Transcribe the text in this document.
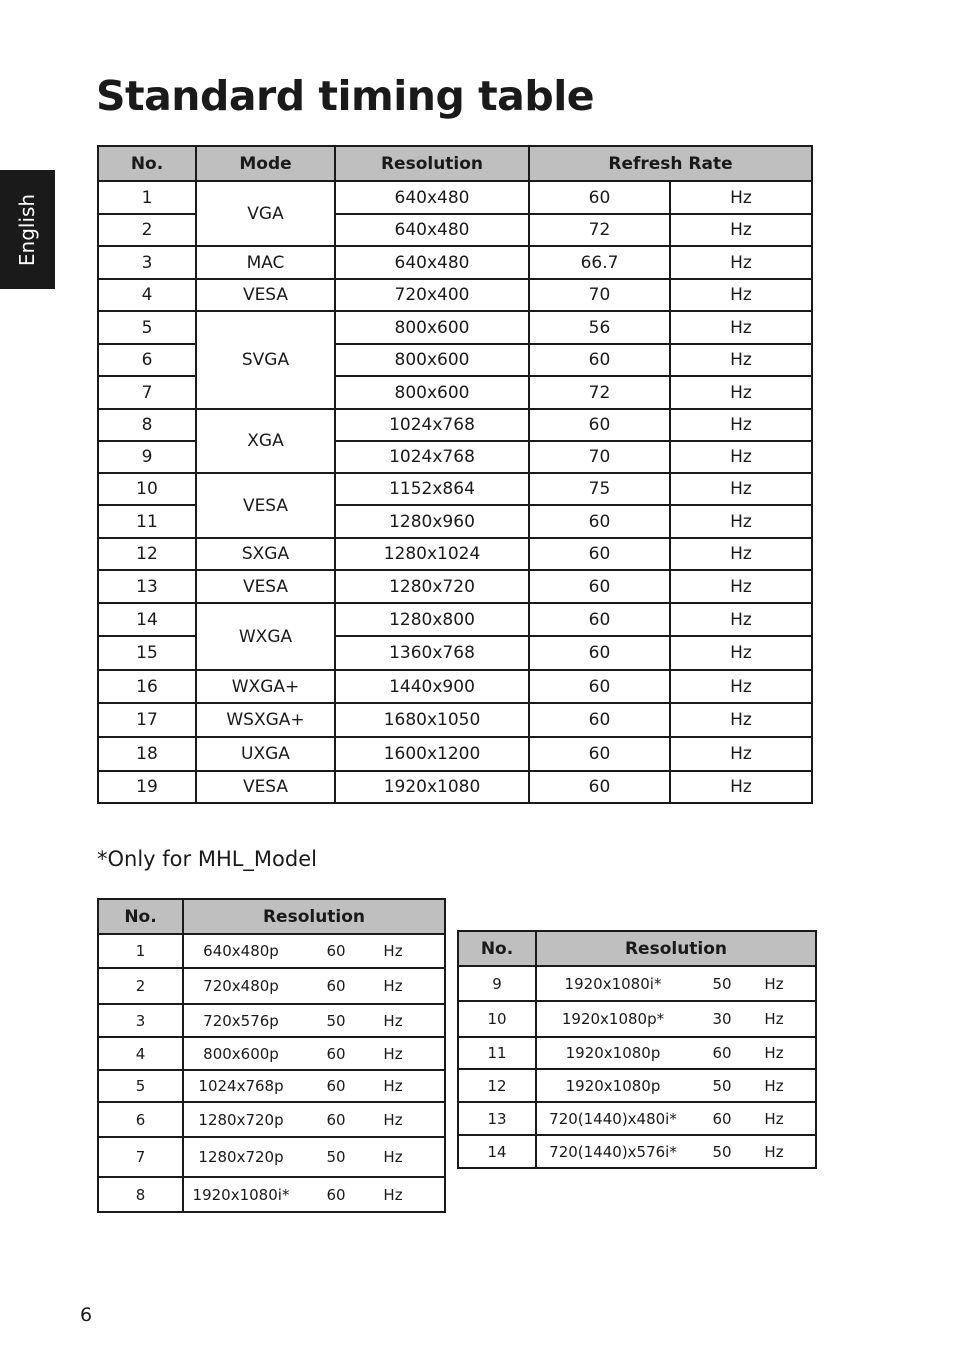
Standard timing table
English
No.	Mode	Resolution	Refresh Rate	
1	VGA	640x480	60	Hz
2		640x480	72	Hz
3	MAC	640x480	66.7	Hz
4	VESA	720x400	70	Hz
5	SVGA	800x600	56	Hz
6		800x600	60	Hz
7		800x600	72	Hz
8	XGA	1024x768	60	Hz
9		1024x768	70	Hz
10	VESA	1152x864	75	Hz
11		1280x960	60	Hz
12	SXGA	1280x1024	60	Hz
13	VESA	1280x720	60	Hz
14	WXGA	1280x800	60	Hz
15		1360x768	60	Hz
16	WXGA+	1440x900	60	Hz
17	WSXGA+	1680x1050	60	Hz
18	UXGA	1600x1200	60	Hz
19	VESA	1920x1080	60	Hz

*Only for MHL_Model

No.	Resolution
1	640x480p 60 Hz

2	720x480p 60 Hz

3	720x576p 50 Hz

4	800x600p 60 Hz

5	1024x768p 60 Hz

6	1280x720p 60 Hz

7	1280x720p 50 Hz

8	1920x1080i* 60 Hz
No.	Resolution
9	1920x1080i* 50 Hz

10	1920x1080p* 30 Hz

11	1920x1080p 60 Hz

12	1920x1080p 50 Hz

13	720(1440)x480i* 60 Hz

14	720(1440)x576i* 50 Hz
6
